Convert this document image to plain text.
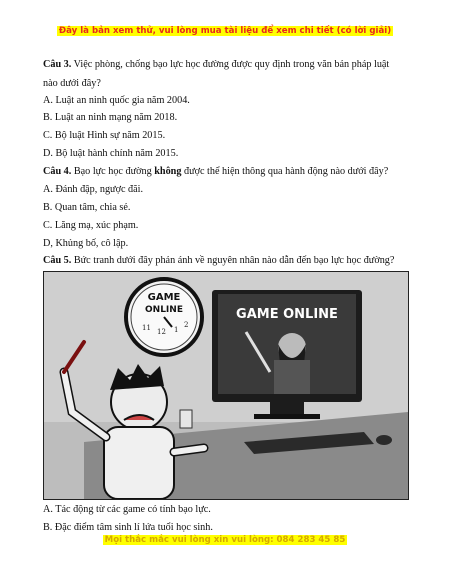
Đây là bản xem thử, vui lòng mua tài liệu để xem chi tiết (có lời giải)
Câu 3. Việc phòng, chống bạo lực học đường được quy định trong văn bản pháp luật
nào dưới đây?
A. Luật an ninh quốc gia năm 2004.
B. Luật an ninh mạng năm 2018.
C. Bộ luật Hình sự năm 2015.
D. Bộ luật hành chính năm 2015.
Câu 4. Bạo lực học đường không được thể hiện thông qua hành động nào dưới đây?
A. Đánh đập, ngược đãi.
B. Quan tâm, chia sẻ.
C. Lăng mạ, xúc phạm.
D, Khủng bố, cô lập.
Câu 5. Bức tranh dưới đây phản ánh về nguyên nhân nào dẫn đến bạo lực học đường?
GAME
ONLINE
11 12 1
2
GAME ONLINE
A. Tác động từ các game có tính bạo lực.
B. Đặc điểm tâm sinh lí lứa tuổi học sinh.
Mọi thắc mắc vui lòng xin vui lòng: 084 283 45 85
